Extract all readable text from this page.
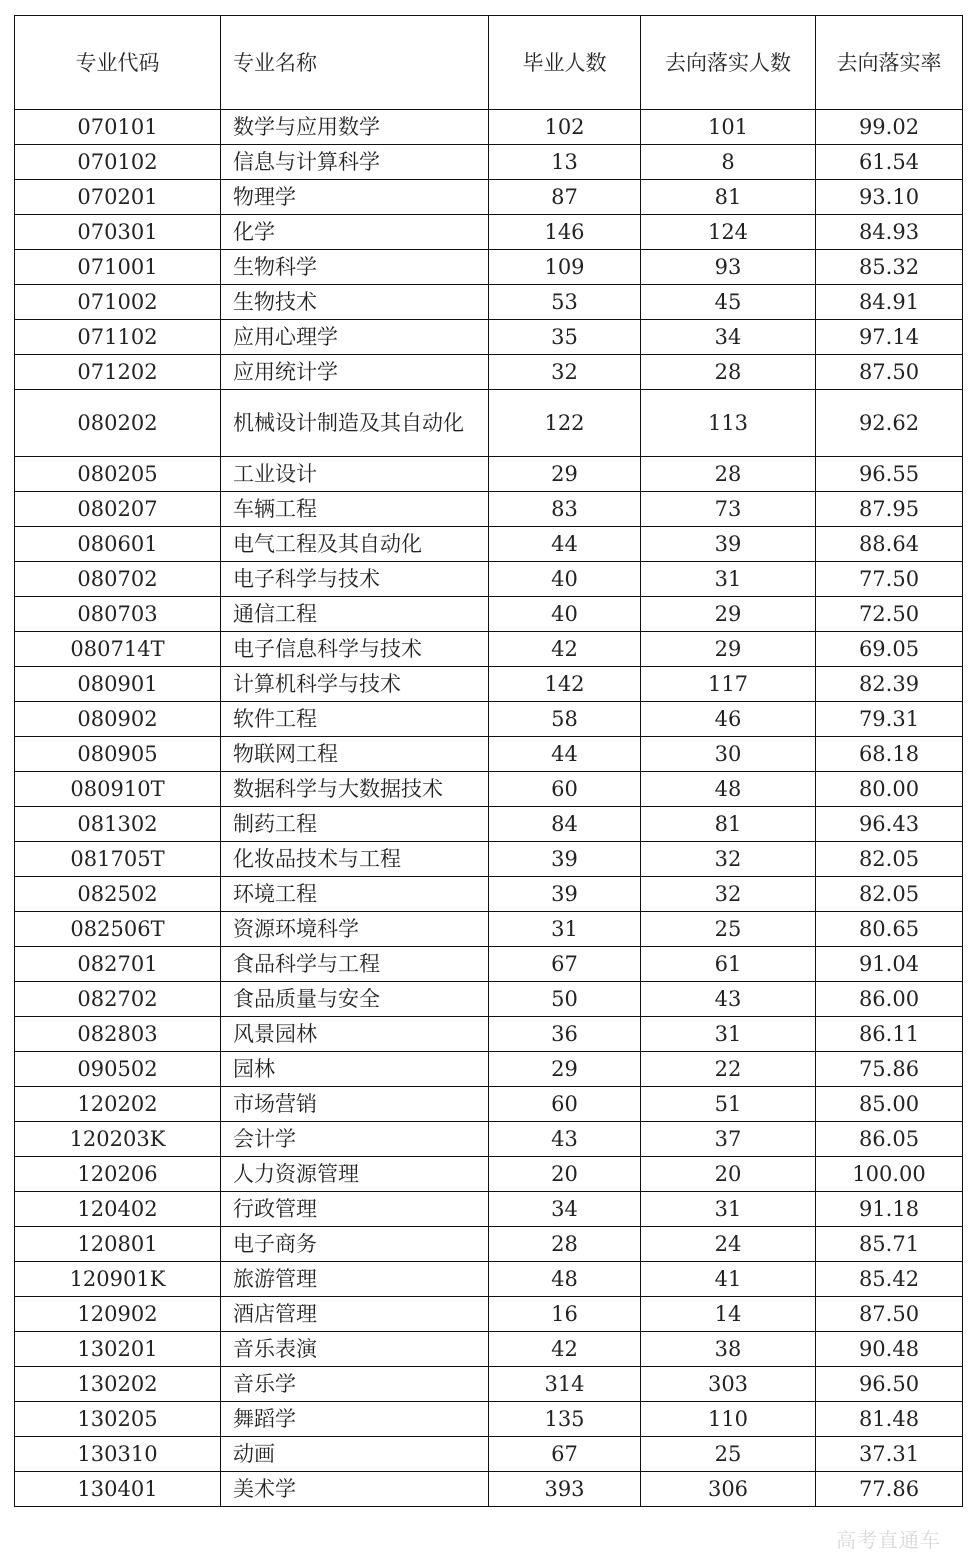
专业代码	专业名称	毕业人数	去向落实人数	去向落实率
070101	数学与应用数学	102	101	99.02
070102	信息与计算科学	13	8	61.54
070201	物理学	87	81	93.10
070301	化学	146	124	84.93
071001	生物科学	109	93	85.32
071002	生物技术	53	45	84.91
071102	应用心理学	35	34	97.14
071202	应用统计学	32	28	87.50
080202	机械设计制造及其自动化	122	113	92.62
080205	工业设计	29	28	96.55
080207	车辆工程	83	73	87.95
080601	电气工程及其自动化	44	39	88.64
080702	电子科学与技术	40	31	77.50
080703	通信工程	40	29	72.50
080714T	电子信息科学与技术	42	29	69.05
080901	计算机科学与技术	142	117	82.39
080902	软件工程	58	46	79.31
080905	物联网工程	44	30	68.18
080910T	数据科学与大数据技术	60	48	80.00
081302	制药工程	84	81	96.43
081705T	化妆品技术与工程	39	32	82.05
082502	环境工程	39	32	82.05
082506T	资源环境科学	31	25	80.65
082701	食品科学与工程	67	61	91.04
082702	食品质量与安全	50	43	86.00
082803	风景园林	36	31	86.11
090502	园林	29	22	75.86
120202	市场营销	60	51	85.00
120203K	会计学	43	37	86.05
120206	人力资源管理	20	20	100.00
120402	行政管理	34	31	91.18
120801	电子商务	28	24	85.71
120901K	旅游管理	48	41	85.42
120902	酒店管理	16	14	87.50
130201	音乐表演	42	38	90.48
130202	音乐学	314	303	96.50
130205	舞蹈学	135	110	81.48
130310	动画	67	25	37.31
130401	美术学	393	306	77.86
高考直通车
